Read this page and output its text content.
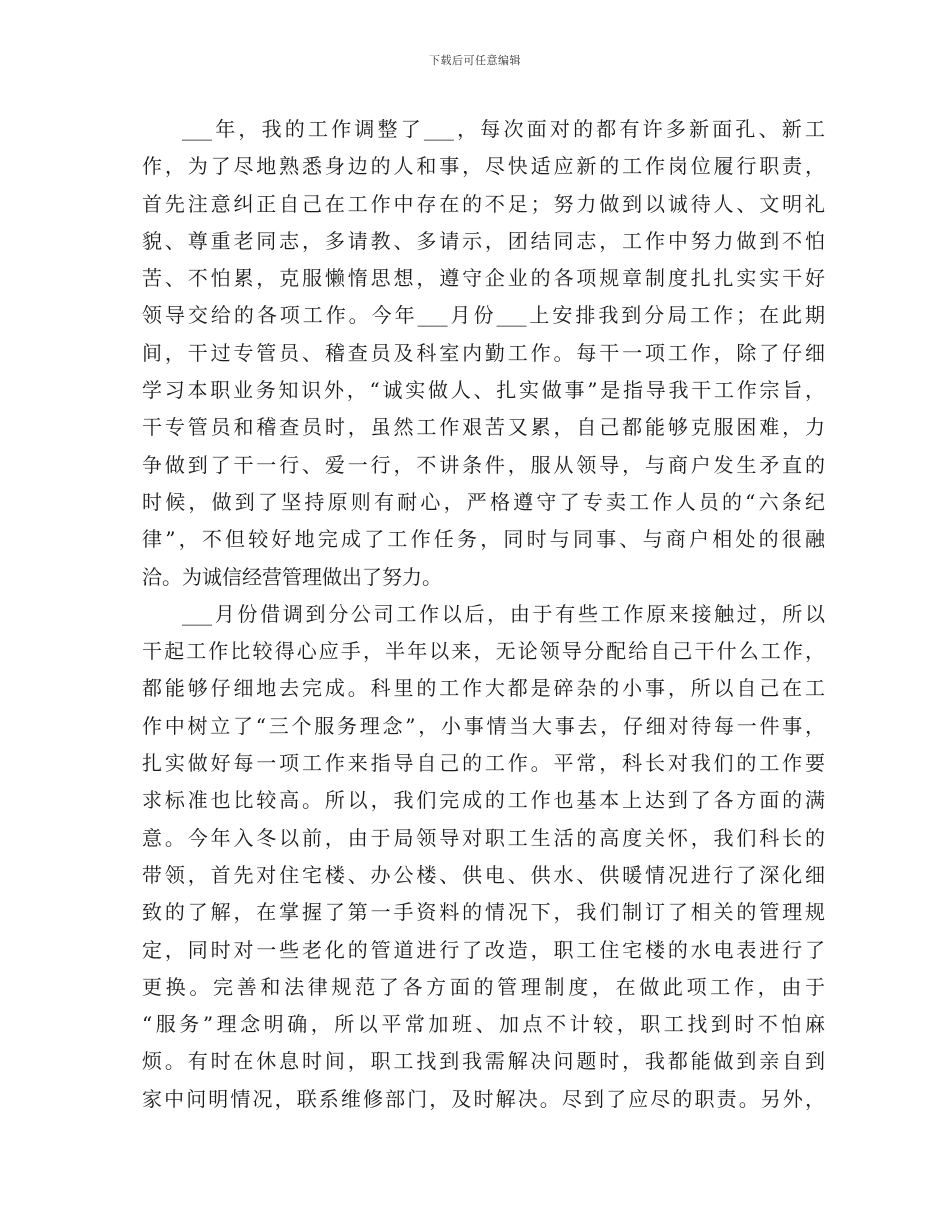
下载后可任意编辑
___年，我的工作调整了___，每次面对的都有许多新面孔、新工
作，为了尽地熟悉身边的人和事，尽快适应新的工作岗位履行职责，
首先注意纠正自己在工作中存在的不足；努力做到以诚待人、文明礼
貌、尊重老同志，多请教、多请示，团结同志，工作中努力做到不怕
苦、不怕累，克服懒惰思想，遵守企业的各项规章制度扎扎实实干好
领导交给的各项工作。今年___月份___上安排我到分局工作；在此期
间，干过专管员、稽查员及科室内勤工作。每干一项工作，除了仔细
学习本职业务知识外，“诚实做人、扎实做事”是指导我干工作宗旨，
干专管员和稽查员时，虽然工作艰苦又累，自己都能够克服困难，力
争做到了干一行、爱一行，不讲条件，服从领导，与商户发生矛直的
时候，做到了坚持原则有耐心，严格遵守了专卖工作人员的“六条纪
律”，不但较好地完成了工作任务，同时与同事、与商户相处的很融
洽。为诚信经营管理做出了努力。
___月份借调到分公司工作以后，由于有些工作原来接触过，所以
干起工作比较得心应手，半年以来，无论领导分配给自己干什么工作，
都能够仔细地去完成。科里的工作大都是碎杂的小事，所以自己在工
作中树立了“三个服务理念”，小事情当大事去，仔细对待每一件事，
扎实做好每一项工作来指导自己的工作。平常，科长对我们的工作要
求标准也比较高。所以，我们完成的工作也基本上达到了各方面的满
意。今年入冬以前，由于局领导对职工生活的高度关怀，我们科长的
带领，首先对住宅楼、办公楼、供电、供水、供暖情况进行了深化细
致的了解，在掌握了第一手资料的情况下，我们制订了相关的管理规
定，同时对一些老化的管道进行了改造，职工住宅楼的水电表进行了
更换。完善和法律规范了各方面的管理制度，在做此项工作，由于
“服务”理念明确，所以平常加班、加点不计较，职工找到时不怕麻
烦。有时在休息时间，职工找到我需解决问题时，我都能做到亲自到
家中问明情况，联系维修部门，及时解决。尽到了应尽的职责。另外，
